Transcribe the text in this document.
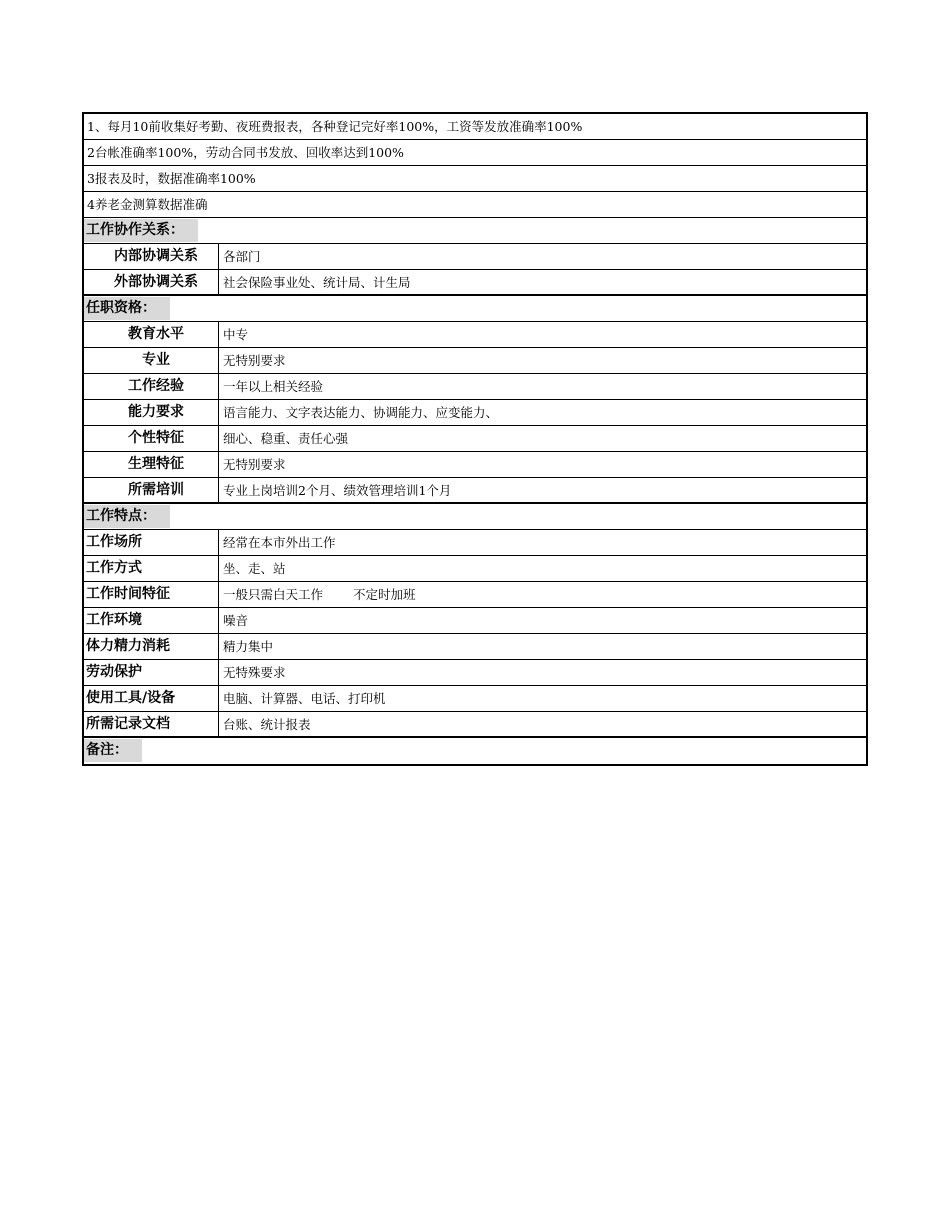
1、每月10前收集好考勤、夜班费报表，各种登记完好率100%，工资等发放准确率100%
2台帐准确率100%，劳动合同书发放、回收率达到100%
3报表及时，数据准确率100%
4养老金测算数据准确
工作协作关系：
内部协调关系	各部门
外部协调关系	社会保险事业处、统计局、计生局
任职资格：
教育水平	中专
专业	无特别要求
工作经验	一年以上相关经验
能力要求	语言能力、文字表达能力、协调能力、应变能力、
个性特征	细心、稳重、责任心强
生理特征	无特别要求
所需培训	专业上岗培训2个月、绩效管理培训1个月
工作特点：
工作场所	经常在本市外出工作
工作方式	坐、走、站
工作时间特征	一般只需白天工作 不定时加班
工作环境	噪音
体力精力消耗	精力集中
劳动保护	无特殊要求
使用工具/设备	电脑、计算器、电话、打印机
所需记录文档	台账、统计报表
备注：
